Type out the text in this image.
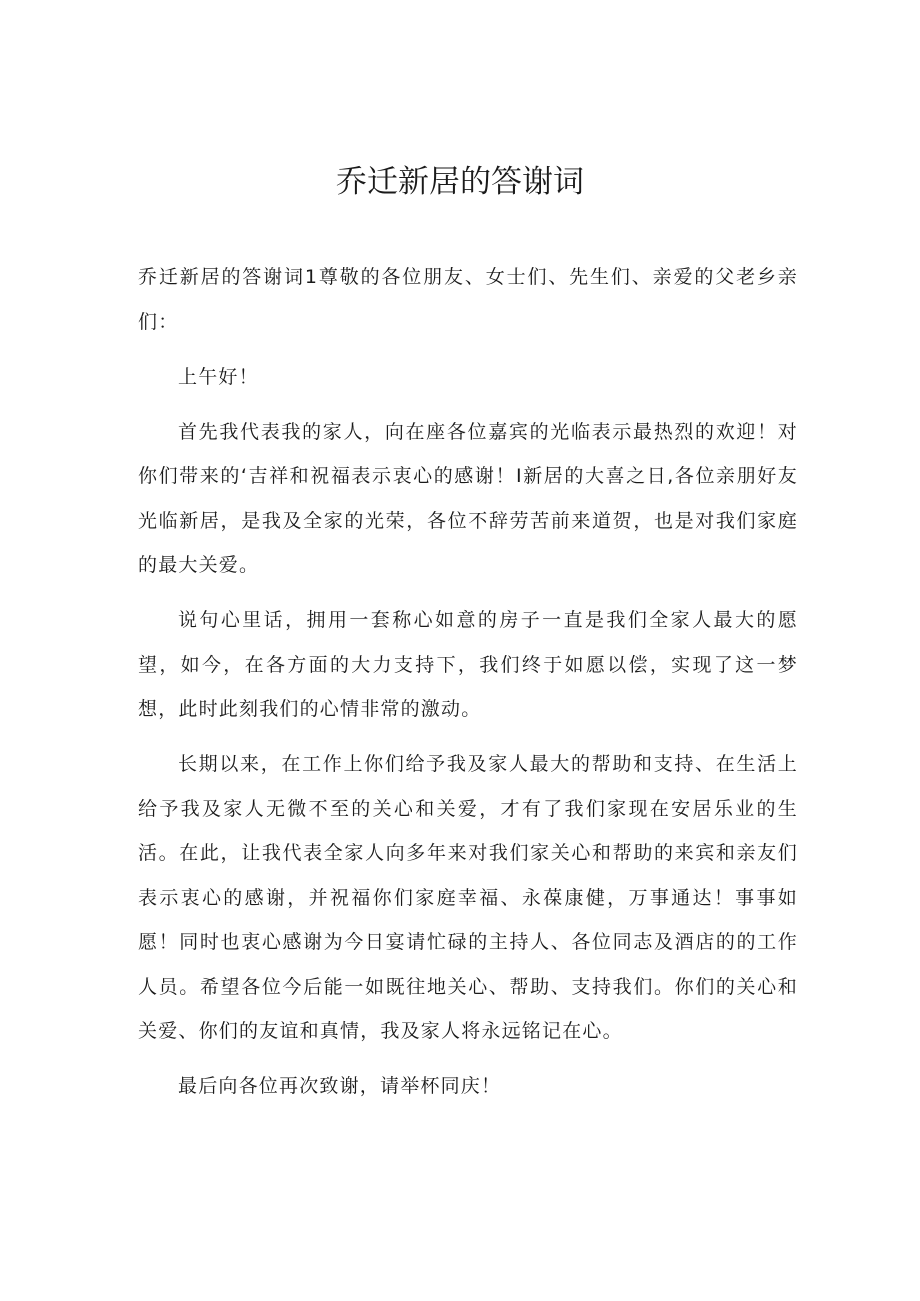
乔迁新居的答谢词

乔迁新居的答谢词1尊敬的各位朋友、女士们、先生们、亲爱的父老乡亲们：

上午好！

首先我代表我的家人，向在座各位嘉宾的光临表示最热烈的欢迎！对你们带来的‘吉祥和祝福表示衷心的感谢！I新居的大喜之日,各位亲朋好友光临新居，是我及全家的光荣，各位不辞劳苦前来道贺，也是对我们家庭的最大关爱。

说句心里话，拥用一套称心如意的房子一直是我们全家人最大的愿望，如今，在各方面的大力支持下，我们终于如愿以偿，实现了这一梦想，此时此刻我们的心情非常的激动。

长期以来，在工作上你们给予我及家人最大的帮助和支持、在生活上给予我及家人无微不至的关心和关爱，才有了我们家现在安居乐业的生活。在此，让我代表全家人向多年来对我们家关心和帮助的来宾和亲友们表示衷心的感谢，并祝福你们家庭幸福、永葆康健，万事通达！事事如愿！同时也衷心感谢为今日宴请忙碌的主持人、各位同志及酒店的的工作人员。希望各位今后能一如既往地关心、帮助、支持我们。你们的关心和关爱、你们的友谊和真情，我及家人将永远铭记在心。

最后向各位再次致谢，请举杯同庆！
